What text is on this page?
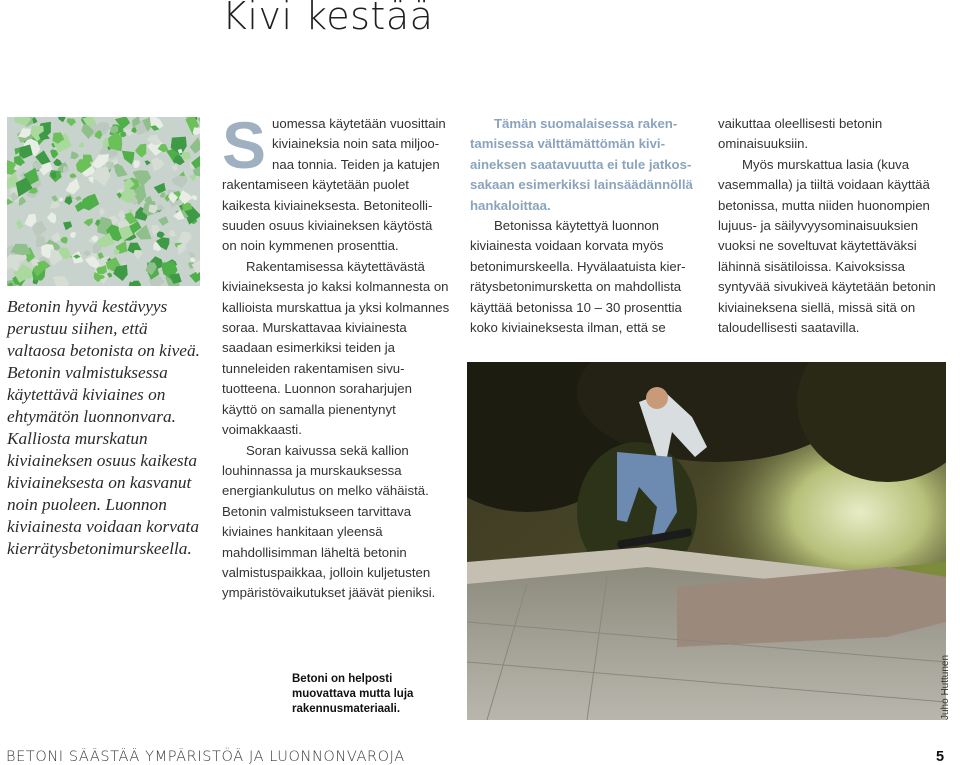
Kivi kestää

Betonin hyvä kestävyys perustuu siihen, että valtaosa betonista on kiveä. Betonin valmistuksessa käytettävä kiviaines on ehtymätön luonnonvara. Kalliosta murskatun kiviaineksen osuus kaikesta kiviaineksesta on kasvanut noin puoleen. Luonnon kiviainesta voidaan korvata kierrätysbetonimurskeella.

S uomessa käytetään vuosittain kiviaineksia noin sata miljoonaa tonnia. Teiden ja katujen rakentamiseen käytetään puolet kaikesta kiviaineksesta. Betoniteollisuuden osuus kiviaineksen käytöstä on noin kymmenen prosenttia.

Rakentamisessa käytettävästä kiviaineksesta jo kaksi kolmannesta on kallioista murskattua ja yksi kolmannes soraa. Murskattavaa kiviainesta saadaan esimerkiksi teiden ja tunneleiden rakentamisen sivutuotteena. Luonnon soraharjujen käyttö on samalla pienentynyt voimakkaasti.

Soran kaivussa sekä kallion louhinnassa ja murskauksessa energiankulutus on melko vähäistä. Betonin valmistukseen tarvittava kiviaines hankitaan yleensä mahdollisimman läheltä betonin valmistuspaikkaa, jolloin kuljetusten ympäristövaikutukset jäävät pieniksi.

Tämän suomalaisessa rakentamisessa välttämättömän kiviaineksen saatavuutta ei tule jatkossakaan esimerkiksi lainsäädännöllä hankaloittaa.

Betonissa käytettyä luonnon kiviainesta voidaan korvata myös betonimurskeella. Hyvälaatuista kierrätysbetonimursketta on mahdollista käyttää betonissa 10 – 30 prosenttia koko kiviaineksesta ilman, että se

vaikuttaa oleellisesti betonin ominaisuuksiin.

Myös murskattua lasia (kuva vasemmalla) ja tiiltä voidaan käyttää betonissa, mutta niiden huonompien lujuus- ja säilyvyysominaisuuksien vuoksi ne soveltuvat käytettäväksi lähinnä sisätiloissa. Kaivoksissa syntyvää sivukiveä käytetään betonin kiviaineksena siellä, missä sitä on taloudellisesti saatavilla.

Betoni on helposti muovattava mutta luja rakennusmateriaali.	Juho Huttunen
BETONI SÄÄSTÄÄ YMPÄRISTÖÄ JA LUONNONVAROJA	5
